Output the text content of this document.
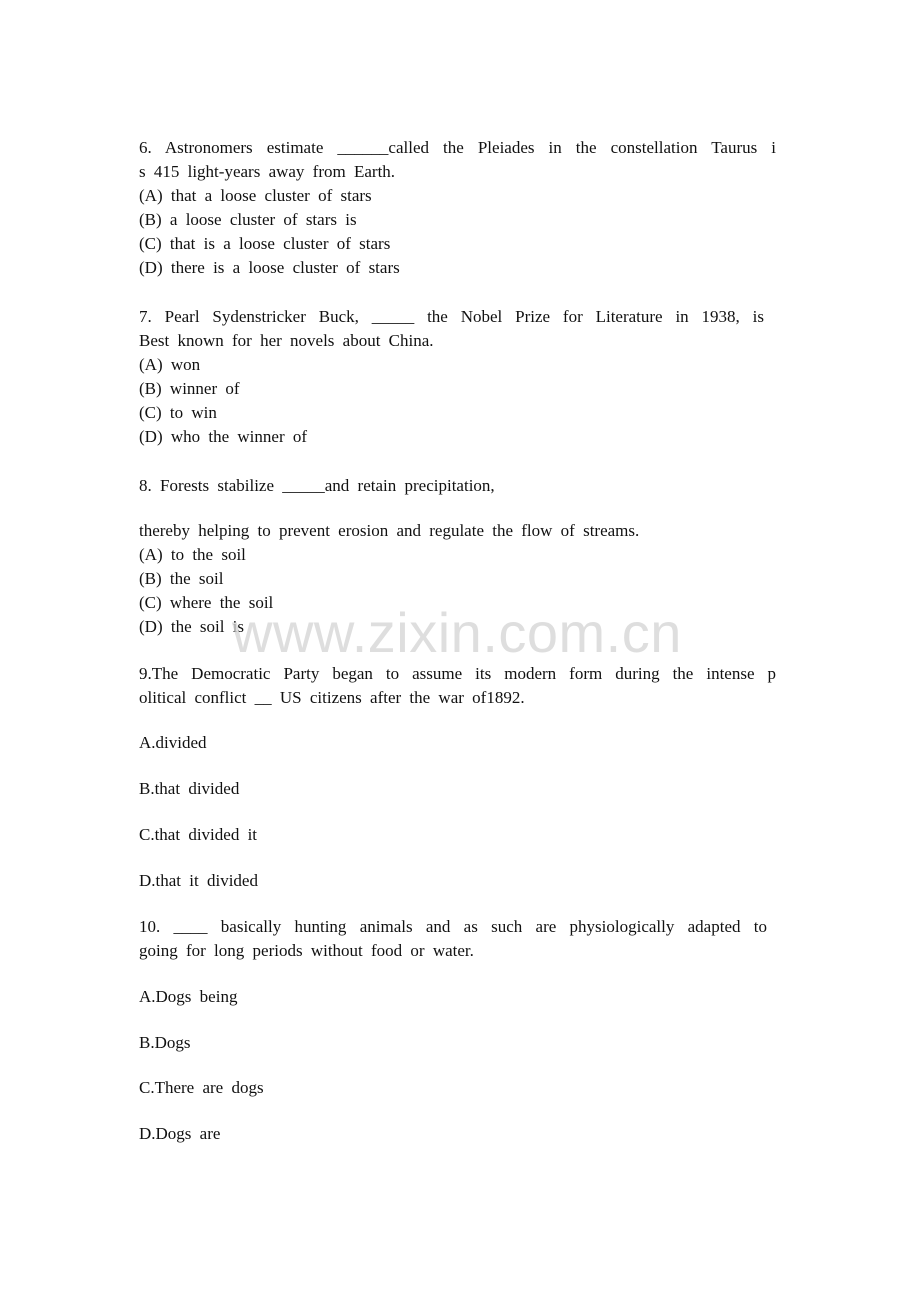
6. Astronomers estimate ______called the Pleiades in the constellation Taurus i
s 415 light-years away from Earth.
(A) that a loose cluster of stars
(B) a loose cluster of stars is
(C) that is a loose cluster of stars
(D) there is a loose cluster of stars
7. Pearl Sydenstricker Buck, _____ the Nobel Prize for Literature in 1938, is
Best known for her novels about China.
(A) won
(B) winner of
(C) to win
(D) who the winner of
8. Forests stabilize _____and retain precipitation,
thereby helping to prevent erosion and regulate the flow of streams.
(A) to the soil
(B) the soil
(C) where the soil
(D) the soil is
9.The Democratic Party began to assume its modern form during the intense p
olitical conflict __ US citizens after the war of1892.
A.divided
B.that divided
C.that divided it
D.that it divided
10. ____ basically hunting animals and as such are physiologically adapted to
going for long periods without food or water.
A.Dogs being
B.Dogs
C.There are dogs
D.Dogs are
www.zixin.com.cn
